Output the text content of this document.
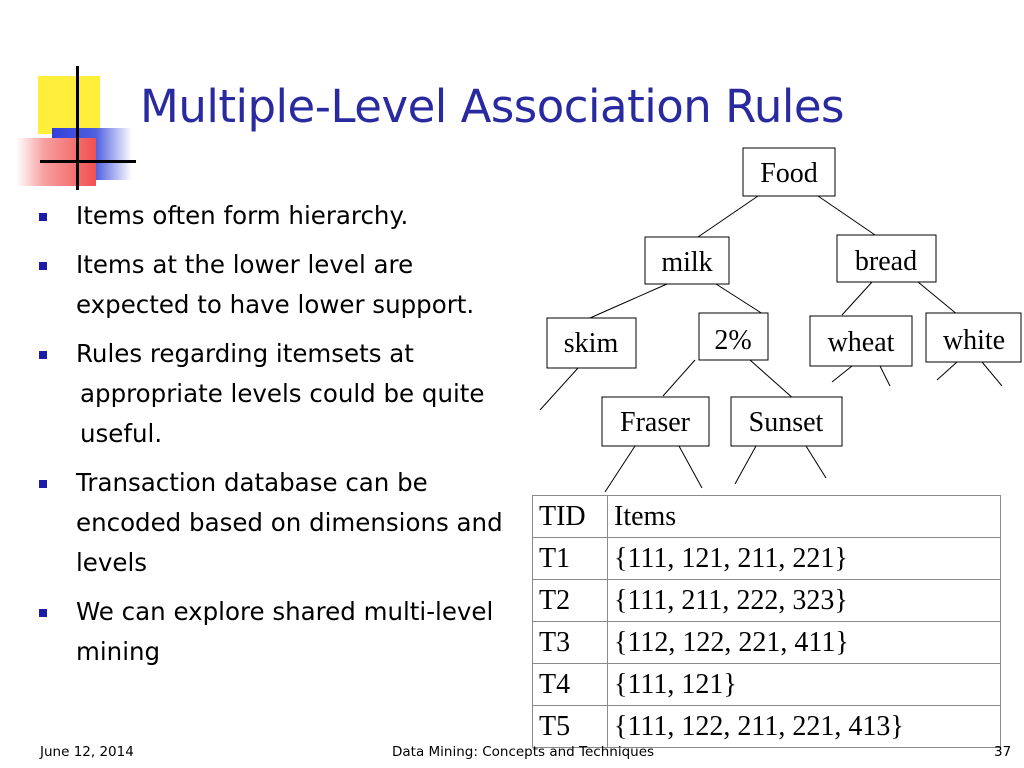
Multiple-Level Association Rules
Items often form hierarchy.
Items at the lower level are expected to have lower support.
Rules regarding itemsets at
appropriate levels could be quite useful.
Transaction database can be encoded based on dimensions and levels
We can explore shared multi-level mining
Food
milk	bread
skim	2%	wheat white
Fraser Sunset
TID	Items
T1	{111, 121, 211, 221}
T2	{111, 211, 222, 323}
T3	{112, 122, 221, 411}
T4	{111, 121}
T5	{111, 122, 211, 221, 413}
June 12, 2014	Data Mining: Concepts and Techniques	37
